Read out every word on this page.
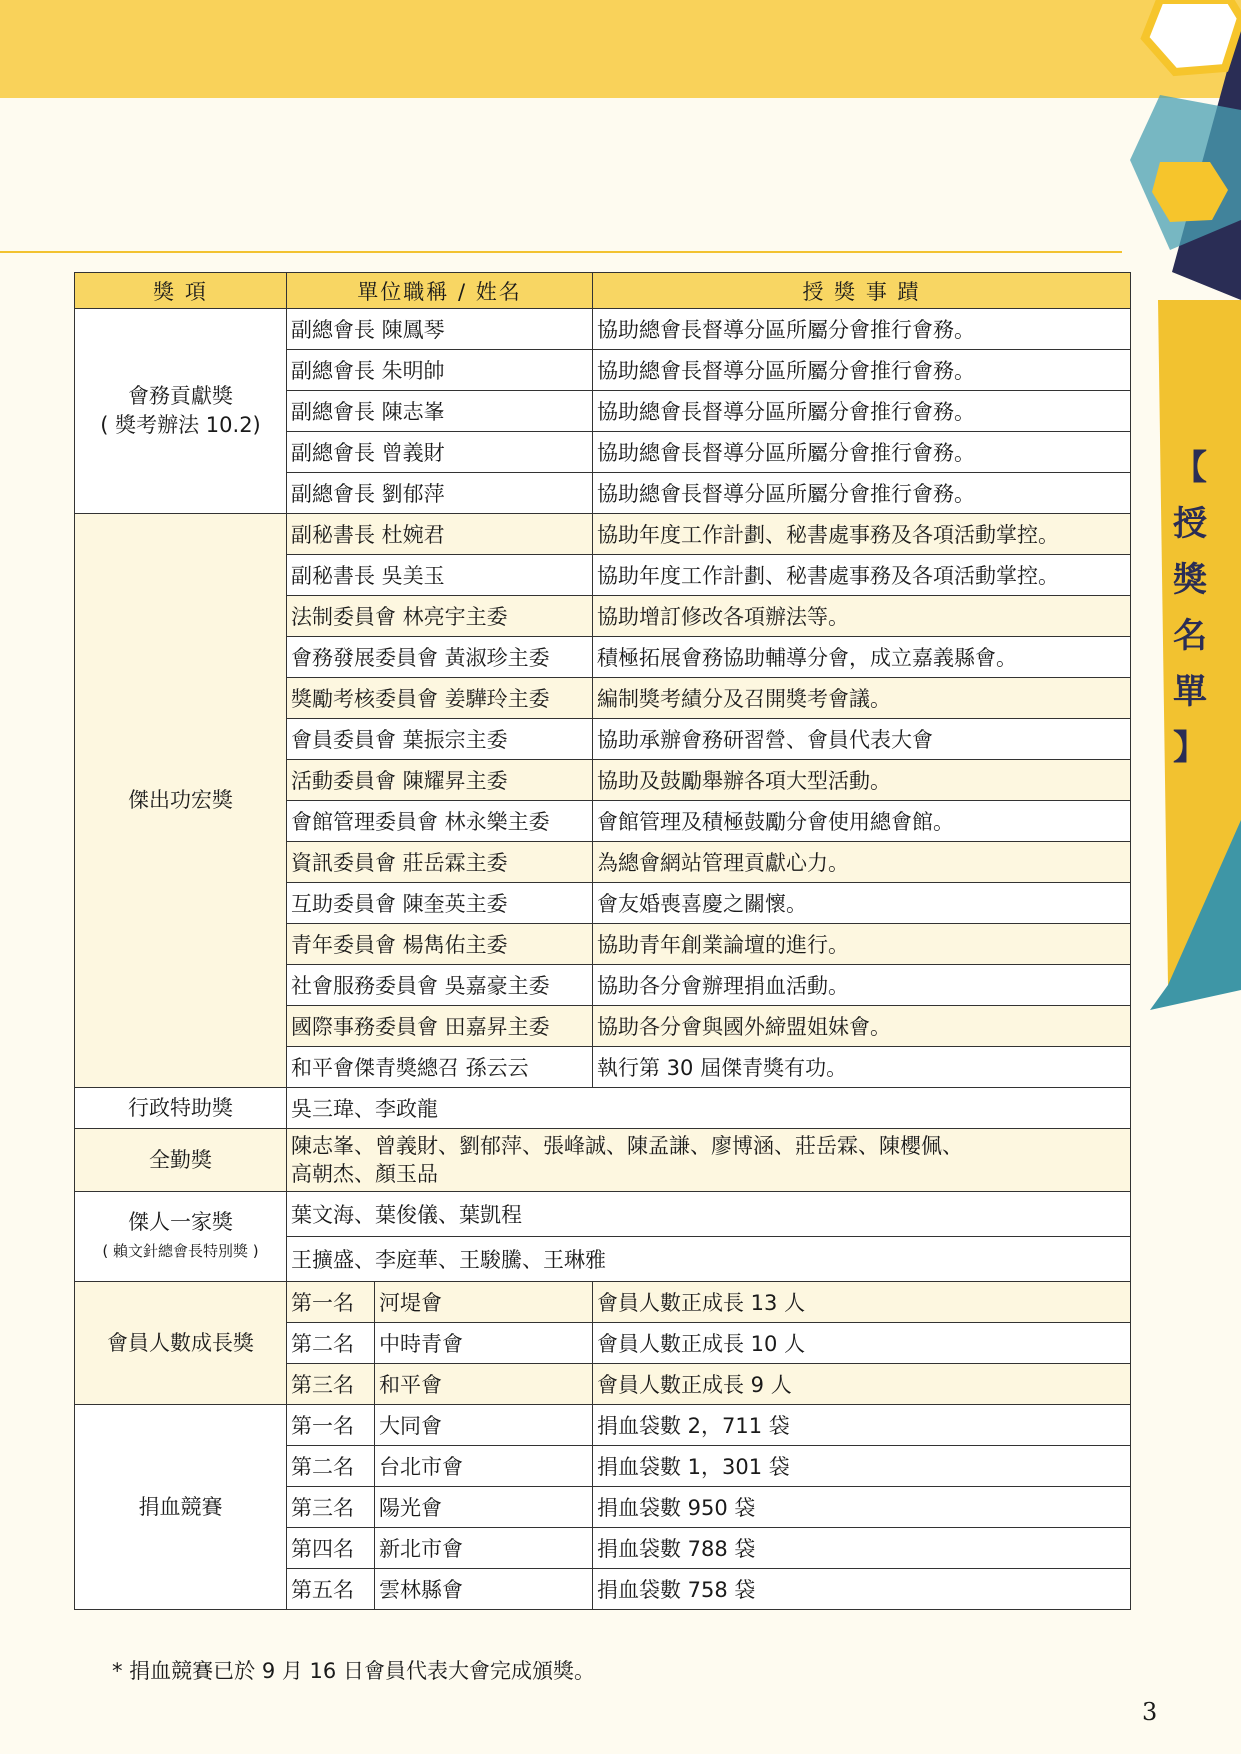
【
授
獎
名
單
】
獎 項	單位職稱 / 姓名		授 獎 事 蹟

會務貢獻獎
( 獎考辦法 10.2)	副總會長 陳鳳琴		協助總會長督導分區所屬分會推行會務。
	副總會長 朱明帥		協助總會長督導分區所屬分會推行會務。
	副總會長 陳志峯		協助總會長督導分區所屬分會推行會務。
	副總會長 曾義財		協助總會長督導分區所屬分會推行會務。
	副總會長 劉郁萍		協助總會長督導分區所屬分會推行會務。

傑出功宏獎	副秘書長 杜婉君		協助年度工作計劃、秘書處事務及各項活動掌控。
	副秘書長 吳美玉		協助年度工作計劃、秘書處事務及各項活動掌控。
	法制委員會 林亮宇主委		協助增訂修改各項辦法等。
	會務發展委員會 黃淑珍主委		積極拓展會務協助輔導分會，成立嘉義縣會。
	獎勵考核委員會 姜驊玲主委		編制獎考績分及召開獎考會議。
	會員委員會 葉振宗主委		協助承辦會務研習營、會員代表大會
	活動委員會 陳耀昇主委		協助及鼓勵舉辦各項大型活動。
	會館管理委員會 林永樂主委		會館管理及積極鼓勵分會使用總會館。
	資訊委員會 莊岳霖主委		為總會網站管理貢獻心力。
	互助委員會 陳奎英主委		會友婚喪喜慶之關懷。
	青年委員會 楊雋佑主委		協助青年創業論壇的進行。
	社會服務委員會 吳嘉豪主委		協助各分會辦理捐血活動。
	國際事務委員會 田嘉昇主委		協助各分會與國外締盟姐妹會。
	和平會傑青獎總召 孫云云		執行第 30 屆傑青獎有功。

行政特助獎	吳三瑋、李政龍		

全勤獎	陳志峯、曾義財、劉郁萍、張峰誠、陳孟謙、廖博涵、莊岳霖、陳櫻佩、
高朝杰、顏玉品		

傑人一家獎
( 賴文針總會長特別獎 )	葉文海、葉俊儀、葉凱程		
	王擴盛、李庭華、王駿騰、王琳雅		

會員人數成長獎	第一名	河堤會	會員人數正成長 13 人
	第二名	中時青會	會員人數正成長 10 人
	第三名	和平會	會員人數正成長 9 人

捐血競賽	第一名	大同會	捐血袋數 2，711 袋
	第二名	台北市會	捐血袋數 1，301 袋
	第三名	陽光會	捐血袋數 950 袋
	第四名	新北市會	捐血袋數 788 袋
	第五名	雲林縣會	捐血袋數 758 袋
* 捐血競賽已於 9 月 16 日會員代表大會完成頒獎。
3
